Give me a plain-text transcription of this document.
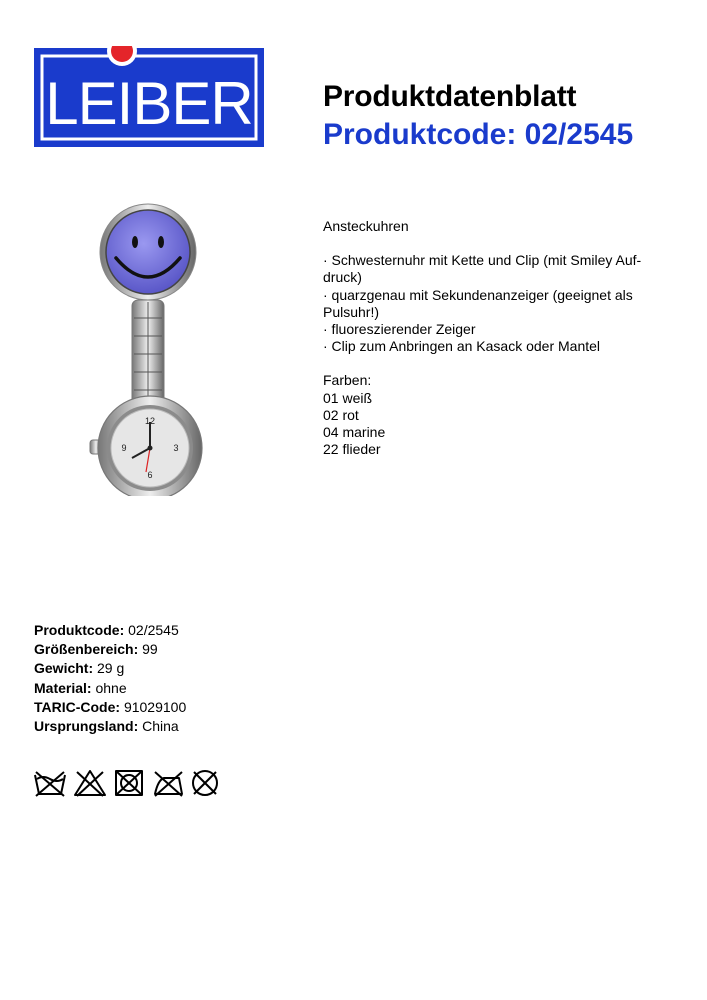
LEIBER Produktdatenblatt
Produktcode: 02/2545
12
3
6
9
Ansteckuhren
· Schwesternuhr mit Kette und Clip (mit Smiley Auf-
druck)
· quarzgenau mit Sekundenanzeiger (geeignet als
Pulsuhr!)
· fluoreszierender Zeiger
· Clip zum Anbringen an Kasack oder Mantel
Farben:
01 weiß
02 rot
04 marine
22 flieder
Produktcode: 02/2545
Größenbereich: 99
Gewicht: 29 g
Material: ohne
TARIC-Code: 91029100
Ursprungsland: China
